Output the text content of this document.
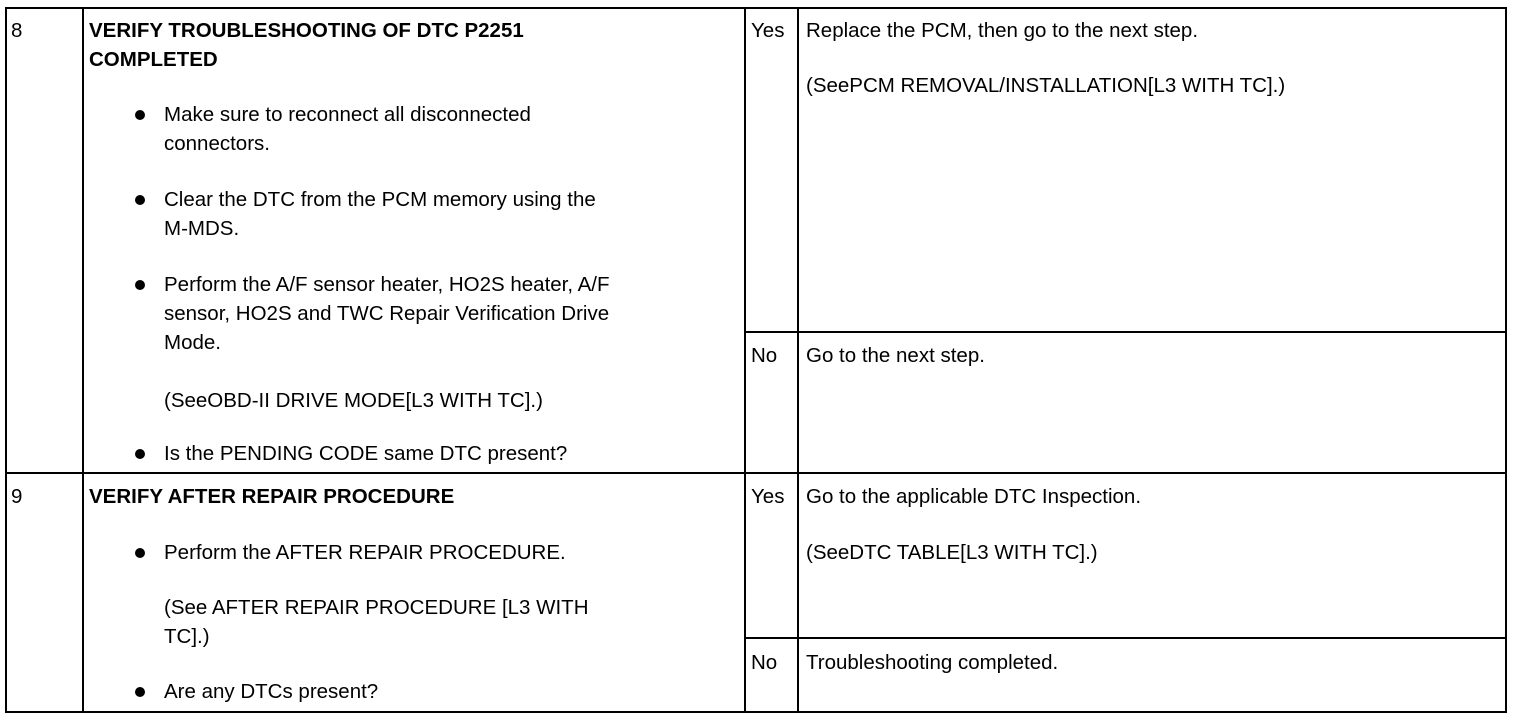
8	VERIFY TROUBLESHOOTING OF DTC P2251
COMPLETED
Make sure to reconnect all disconnected
connectors.
Clear the DTC from the PCM memory using the
M-MDS.
Perform the A/F sensor heater, HO2S heater, A/F
sensor, HO2S and TWC Repair Verification Drive
Mode.
(SeeOBD-II DRIVE MODE[L3 WITH TC].)
Is the PENDING CODE same DTC present?
Yes Replace the PCM, then go to the next step.
(SeePCM REMOVAL/INSTALLATION[L3 WITH TC].)
No Go to the next step.
9	VERIFY AFTER REPAIR PROCEDURE
Perform the AFTER REPAIR PROCEDURE.
(See AFTER REPAIR PROCEDURE [L3 WITH
TC].)
Are any DTCs present?
Yes Go to the applicable DTC Inspection.
(SeeDTC TABLE[L3 WITH TC].)
No Troubleshooting completed.
